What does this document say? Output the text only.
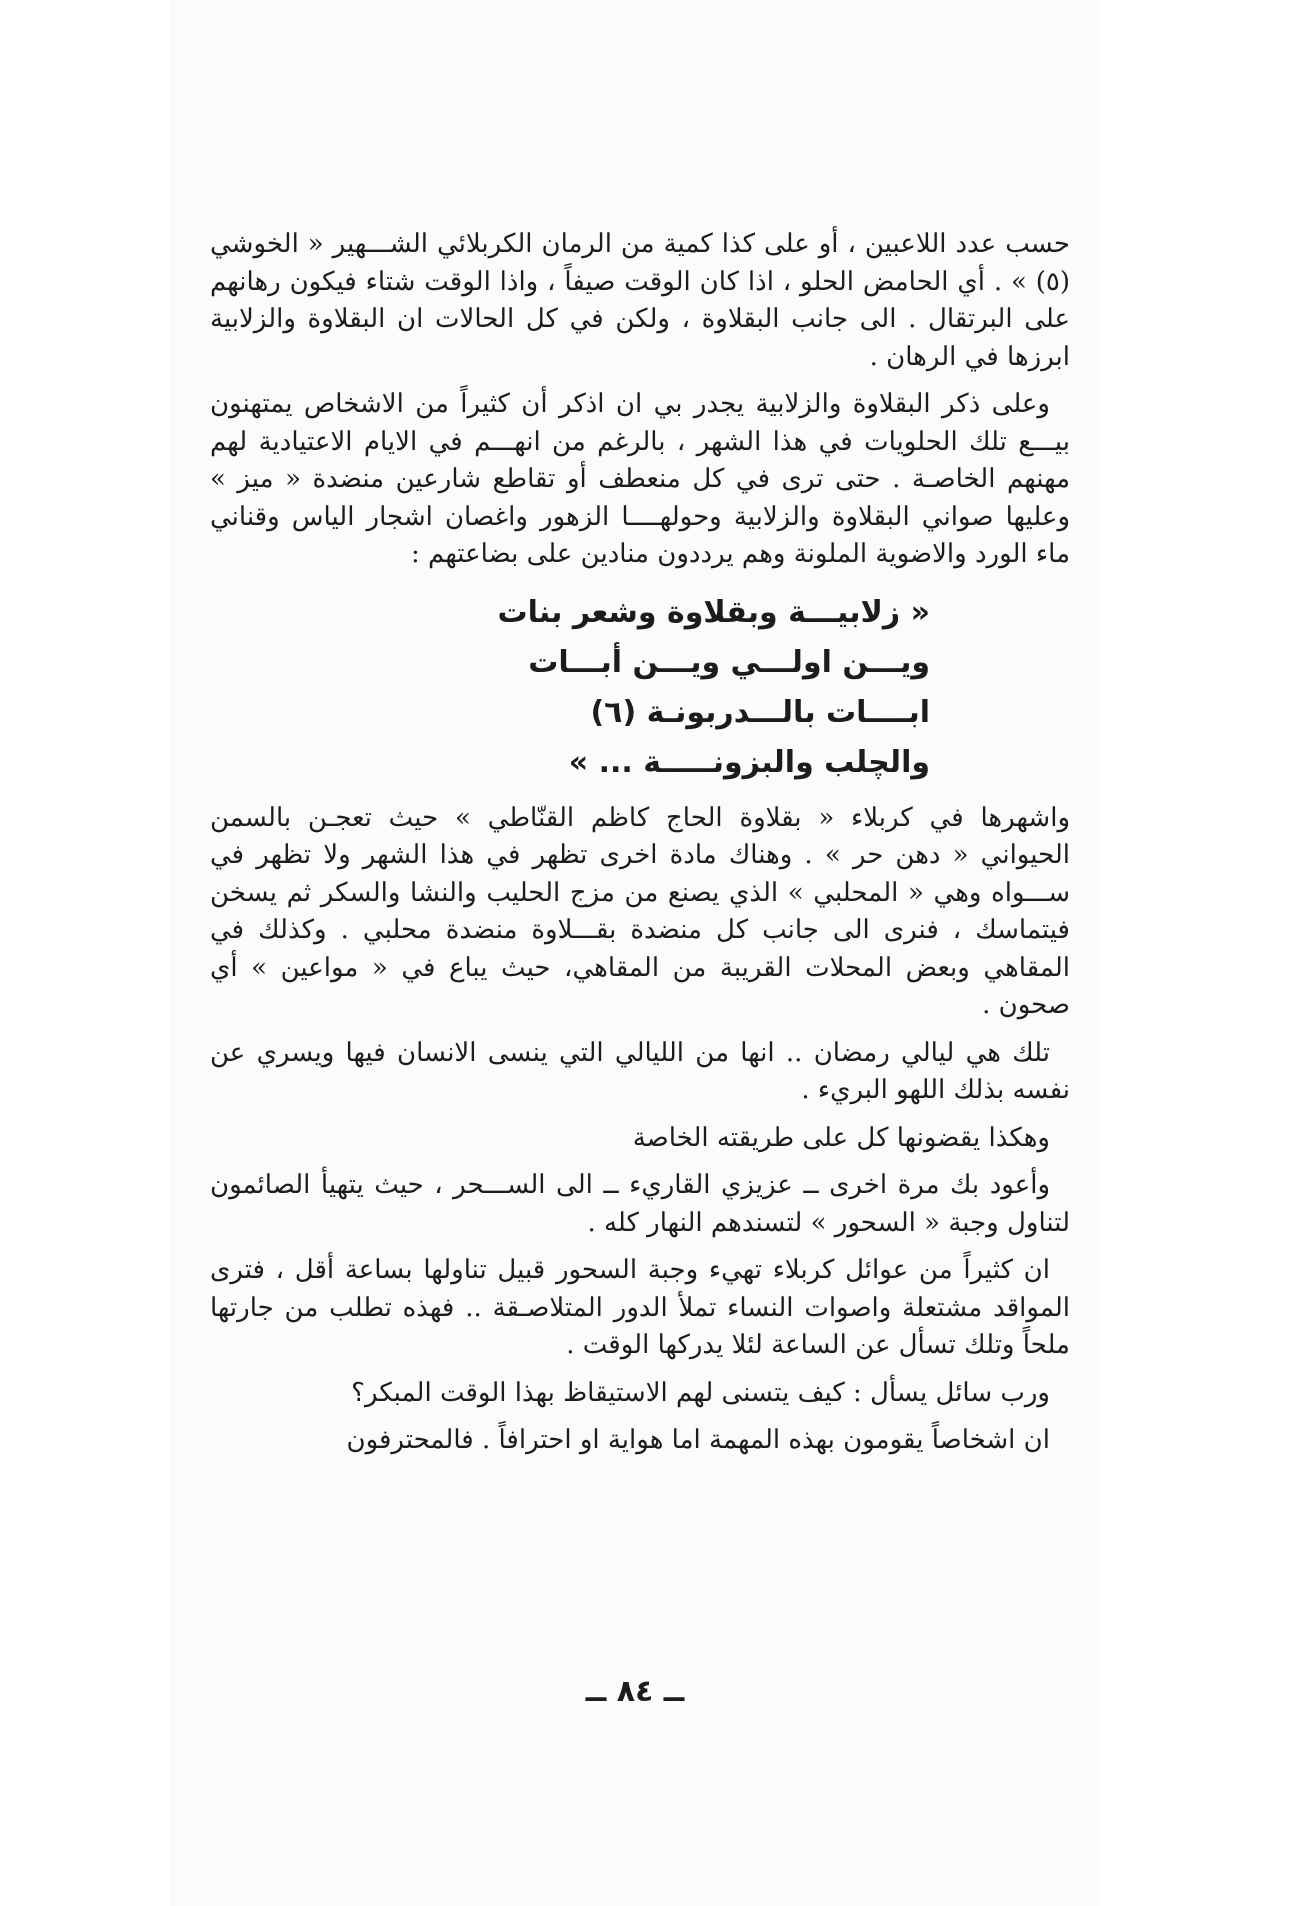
حسب عدد اللاعبين ، أو على كذا كمية من الرمان الكربلائي الشـــهير « الخوشي (٥) » . أي الحامض الحلو ، اذا كان الوقت صيفاً ، واذا الوقت شتاء فيكون رهانهم على البرتقال . الى جانب البقلاوة ، ولكن في كل الحالات ان البقلاوة والزلابية ابرزها في الرهان .

وعلى ذكر البقلاوة والزلابية يجدر بي ان اذكر أن كثيراً من الاشخاص يمتهنون بيـــع تلك الحلويات في هذا الشهر ، بالرغم من انهـــم في الايام الاعتيادية لهم مهنهم الخاصـة . حتى ترى في كل منعطف أو تقاطع شارعين منضدة « ميز » وعليها صواني البقلاوة والزلابية وحولهــــا الزهور واغصان اشجار الياس وقناني ماء الورد والاضوية الملونة وهم يرددون منادين على بضاعتهم :

« زلابيـــة وبقلاوة وشعر بنات
ويـــن اولـــي ويـــن أبـــات
ابــــات بالـــدربونـة (٦)
والچلب والبزونـــــة ... »

واشهرها في كربلاء « بقلاوة الحاج كاظم القنّاطي » حيث تعجـن بالسمن الحيواني « دهن حر » . وهناك مادة اخرى تظهر في هذا الشهر ولا تظهر في ســـواه وهي « المحلبي » الذي يصنع من مزج الحليب والنشا والسكر ثم يسخن فيتماسك ، فنرى الى جانب كل منضدة بقـــلاوة منضدة محلبي . وكذلك في المقاهي وبعض المحلات القريبة من المقاهي، حيث يباع في « مواعين » أي صحون .

تلك هي ليالي رمضان .. انها من الليالي التي ينسى الانسان فيها ويسري عن نفسه بذلك اللهو البريء .

وهكذا يقضونها كل على طريقته الخاصة

وأعود بك مرة اخرى ــ عزيزي القاريء ــ الى الســـحر ، حيث يتهيأ الصائمون لتناول وجبة « السحور » لتسندهم النهار كله .

ان كثيراً من عوائل كربلاء تهيء وجبة السحور قبيل تناولها بساعة أقل ، فترى المواقد مشتعلة واصوات النساء تملأ الدور المتلاصـقة .. فهذه تطلب من جارتها ملحاً وتلك تسأل عن الساعة لئلا يدركها الوقت .

ورب سائل يسأل : كيف يتسنى لهم الاستيقاظ بهذا الوقت المبكر؟

ان اشخاصاً يقومون بهذه المهمة اما هواية او احترافاً . فالمحترفون

ــ ٨٤ ــ
